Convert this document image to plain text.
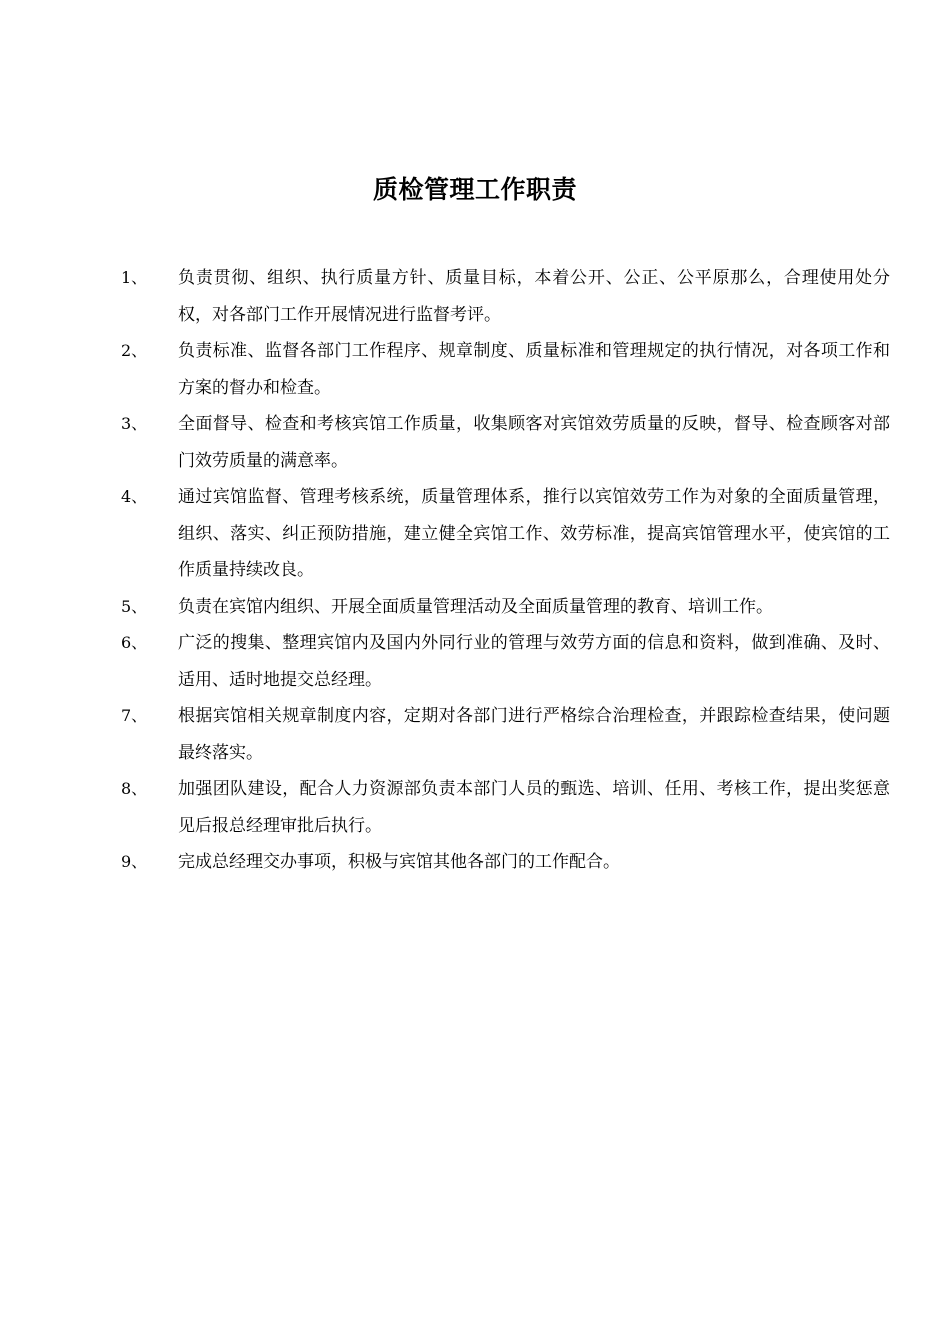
质检管理工作职责
1、 负责贯彻、组织、执行质量方针、质量目标，本着公开、公正、公平原那么，合理使用处分权，对各部门工作开展情况进行监督考评。
2、 负责标准、监督各部门工作程序、规章制度、质量标准和管理规定的执行情况，对各项工作和方案的督办和检查。
3、 全面督导、检查和考核宾馆工作质量，收集顾客对宾馆效劳质量的反映，督导、检查顾客对部门效劳质量的满意率。
4、 通过宾馆监督、管理考核系统，质量管理体系，推行以宾馆效劳工作为对象的全面质量管理，组织、落实、纠正预防措施，建立健全宾馆工作、效劳标准，提高宾馆管理水平，使宾馆的工作质量持续改良。
5、 负责在宾馆内组织、开展全面质量管理活动及全面质量管理的教育、培训工作。
6、 广泛的搜集、整理宾馆内及国内外同行业的管理与效劳方面的信息和资料，做到准确、及时、适用、适时地提交总经理。
7、 根据宾馆相关规章制度内容，定期对各部门进行严格综合治理检查，并跟踪检查结果，使问题最终落实。
8、 加强团队建设，配合人力资源部负责本部门人员的甄选、培训、任用、考核工作，提出奖惩意见后报总经理审批后执行。
9、 完成总经理交办事项，积极与宾馆其他各部门的工作配合。
